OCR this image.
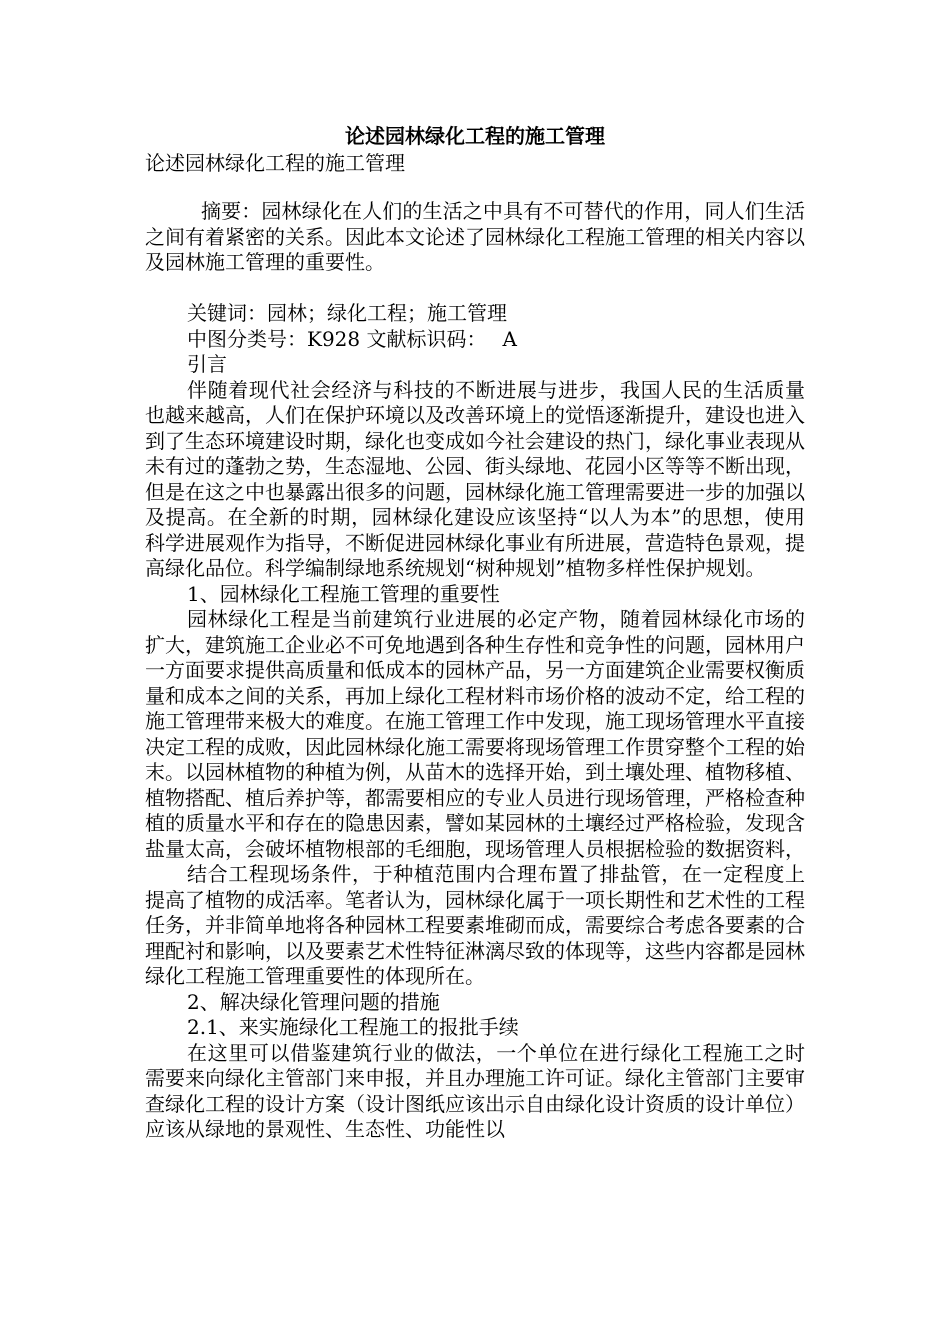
论述园林绿化工程的施工管理
论述园林绿化工程的施工管理

摘要：园林绿化在人们的生活之中具有不可替代的作用，同人们生活之间有着紧密的关系。因此本文论述了园林绿化工程施工管理的相关内容以及园林施工管理的重要性。

关键词：园林；绿化工程；施工管理

中图分类号：K928 文献标识码： A

引言

伴随着现代社会经济与科技的不断进展与进步，我国人民的生活质量也越来越高，人们在保护环境以及改善环境上的觉悟逐渐提升，建设也进入到了生态环境建设时期，绿化也变成如今社会建设的热门，绿化事业表现从未有过的蓬勃之势，生态湿地、公园、街头绿地、花园小区等等不断出现，但是在这之中也暴露出很多的问题，园林绿化施工管理需要进一步的加强以及提高。在全新的时期，园林绿化建设应该坚持“以人为本”的思想，使用科学进展观作为指导，不断促进园林绿化事业有所进展，营造特色景观，提高绿化品位。科学编制绿地系统规划“树种规划”植物多样性保护规划。

1、园林绿化工程施工管理的重要性

园林绿化工程是当前建筑行业进展的必定产物，随着园林绿化市场的扩大，建筑施工企业必不可免地遇到各种生存性和竞争性的问题，园林用户一方面要求提供高质量和低成本的园林产品，另一方面建筑企业需要权衡质量和成本之间的关系，再加上绿化工程材料市场价格的波动不定，给工程的施工管理带来极大的难度。在施工管理工作中发现，施工现场管理水平直接决定工程的成败，因此园林绿化施工需要将现场管理工作贯穿整个工程的始末。以园林植物的种植为例，从苗木的选择开始，到土壤处理、植物移植、植物搭配、植后养护等，都需要相应的专业人员进行现场管理，严格检查种植的质量水平和存在的隐患因素，譬如某园林的土壤经过严格检验，发现含盐量太高，会破坏植物根部的毛细胞，现场管理人员根据检验的数据资料，

结合工程现场条件，于种植范围内合理布置了排盐管，在一定程度上提高了植物的成活率。笔者认为，园林绿化属于一项长期性和艺术性的工程任务，并非简单地将各种园林工程要素堆砌而成，需要综合考虑各要素的合理配衬和影响，以及要素艺术性特征淋漓尽致的体现等，这些内容都是园林绿化工程施工管理重要性的体现所在。

2、解决绿化管理问题的措施

2.1、来实施绿化工程施工的报批手续

在这里可以借鉴建筑行业的做法，一个单位在进行绿化工程施工之时需要来向绿化主管部门来申报，并且办理施工许可证。绿化主管部门主要审查绿化工程的设计方案（设计图纸应该出示自由绿化设计资质的设计单位）应该从绿地的景观性、生态性、功能性以
